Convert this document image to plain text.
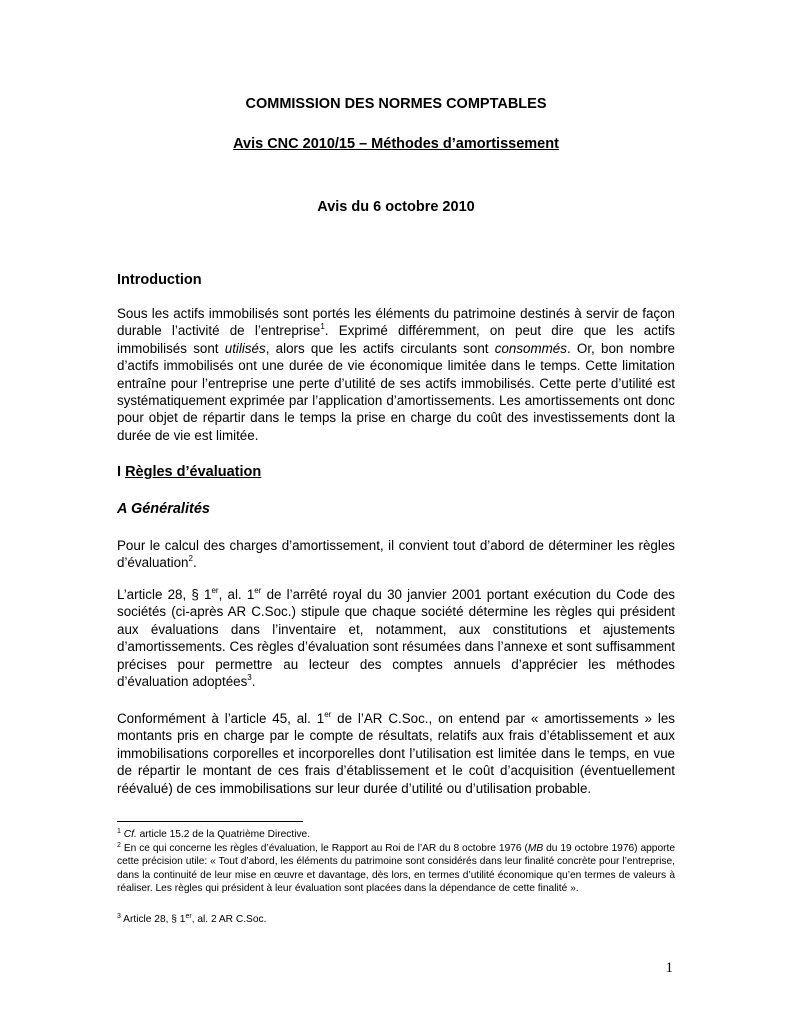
COMMISSION DES NORMES COMPTABLES
Avis CNC 2010/15 – Méthodes d’amortissement
Avis du 6 octobre 2010
Introduction

Sous les actifs immobilisés sont portés les éléments du patrimoine destinés à servir de façon durable l’activité de l’entreprise$^1$. Exprimé différemment, on peut dire que les actifs immobilisés sont utilisés, alors que les actifs circulants sont consommés. Or, bon nombre d’actifs immobilisés ont une durée de vie économique limitée dans le temps. Cette limitation entraîne pour l’entreprise une perte d’utilité de ses actifs immobilisés. Cette perte d’utilité est systématiquement exprimée par l’application d’amortissements. Les amortissements ont donc pour objet de répartir dans le temps la prise en charge du coût des investissements dont la durée de vie est limitée.

I Règles d’évaluation
A Généralités

Pour le calcul des charges d’amortissement, il convient tout d’abord de déterminer les règles d’évaluation$^2$.

L’article 28, § 1er, al. 1er de l’arrêté royal du 30 janvier 2001 portant exécution du Code des sociétés (ci-après AR C.Soc.) stipule que chaque société détermine les règles qui président aux évaluations dans l’inventaire et, notamment, aux constitutions et ajustements d’amortissements. Ces règles d’évaluation sont résumées dans l’annexe et sont suffisamment précises pour permettre au lecteur des comptes annuels d’apprécier les méthodes d’évaluation adoptées$^3$.

Conformément à l’article 45, al. 1er de l’AR C.Soc., on entend par « amortissements » les montants pris en charge par le compte de résultats, relatifs aux frais d’établissement et aux immobilisations corporelles et incorporelles dont l’utilisation est limitée dans le temps, en vue de répartir le montant de ces frais d’établissement et le coût d’acquisition (éventuellement réévalué) de ces immobilisations sur leur durée d’utilité ou d’utilisation probable.

$^1$ Cf. article 15.2 de la Quatrième Directive.

$^2$ En ce qui concerne les règles d’évaluation, le Rapport au Roi de l’AR du 8 octobre 1976 (MB du 19 octobre 1976) apporte cette précision utile: « Tout d’abord, les éléments du patrimoine sont considérés dans leur finalité concrète pour l’entreprise, dans la continuité de leur mise en œuvre et davantage, dès lors, en termes d’utilité économique qu’en termes de valeurs à réaliser. Les règles qui président à leur évaluation sont placées dans la dépendance de cette finalité ».

$^3$ Article 28, § 1er, al. 2 AR C.Soc.

1
